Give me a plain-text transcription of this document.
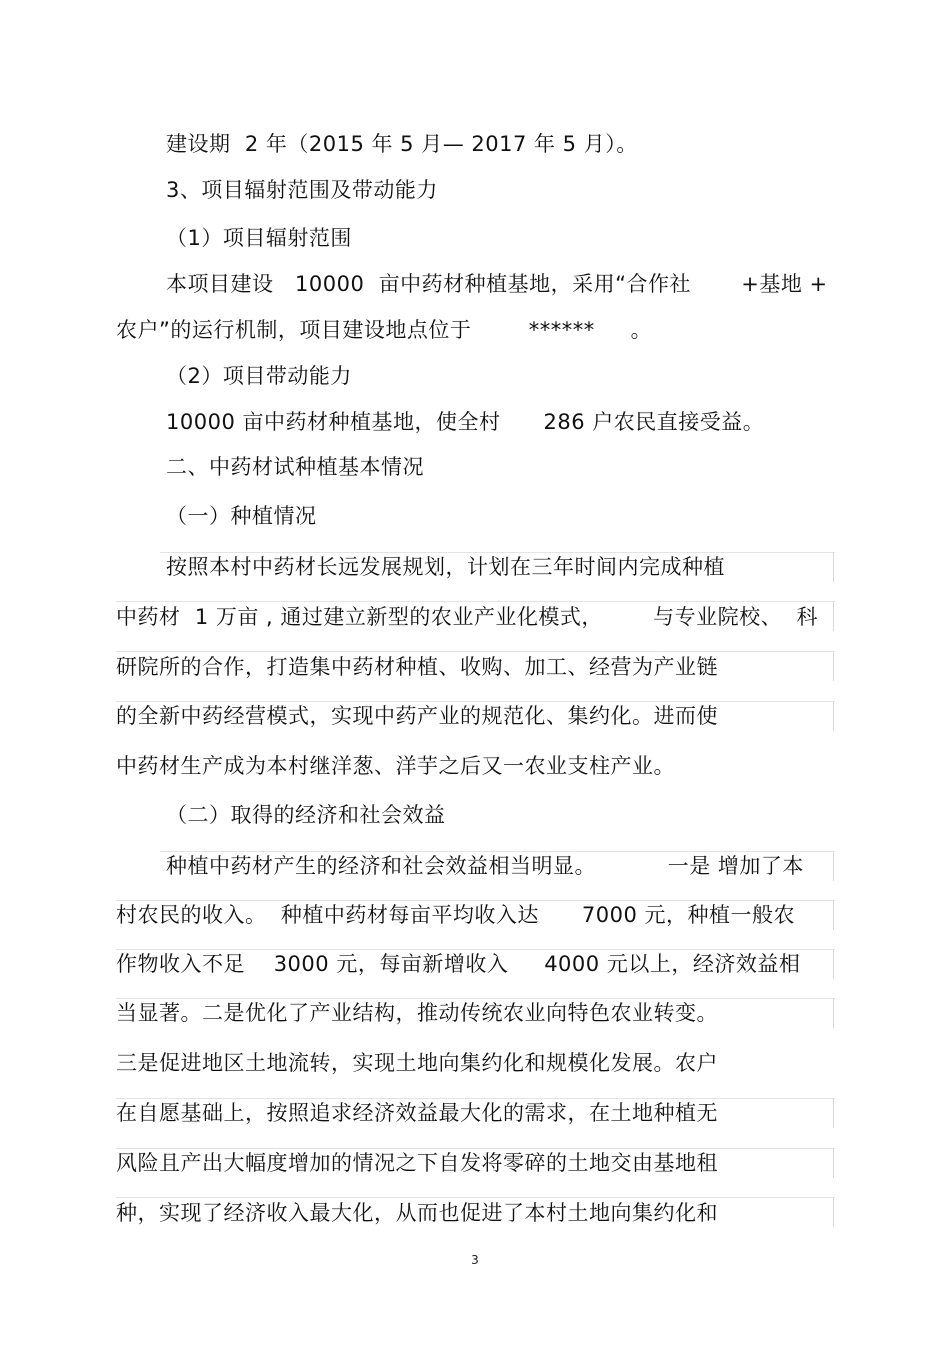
建设期  2 年（2015 年 5 月— 2017 年 5 月）。
3、项目辐射范围及带动能力
（1）项目辐射范围
本项目建设   10000  亩中药材种植基地，采用“合作社       +基地 +
农户”的运行机制，项目建设地点位于        ******     。
（2）项目带动能力
10000 亩中药材种植基地，使全村      286 户农民直接受益。
二、中药材试种植基本情况
（一）种植情况
按照本村中药材长远发展规划，计划在三年时间内完成种植
中药材  1 万亩 , 通过建立新型的农业产业化模式，       与专业院校、  科
研院所的合作，打造集中药材种植、收购、加工、经营为产业链
的全新中药经营模式，实现中药产业的规范化、集约化。进而使
中药材生产成为本村继洋葱、洋芋之后又一农业支柱产业。
（二）取得的经济和社会效益
种植中药材产生的经济和社会效益相当明显。          一是 增加了本
村农民的收入。  种植中药材每亩平均收入达      7000 元，种植一般农
作物收入不足    3000 元，每亩新增收入     4000 元以上，经济效益相
当显著。二是优化了产业结构，推动传统农业向特色农业转变。
三是促进地区土地流转，实现土地向集约化和规模化发展。农户
在自愿基础上，按照追求经济效益最大化的需求，在土地种植无
风险且产出大幅度增加的情况之下自发将零碎的土地交由基地租
种，实现了经济收入最大化，从而也促进了本村土地向集约化和
3
